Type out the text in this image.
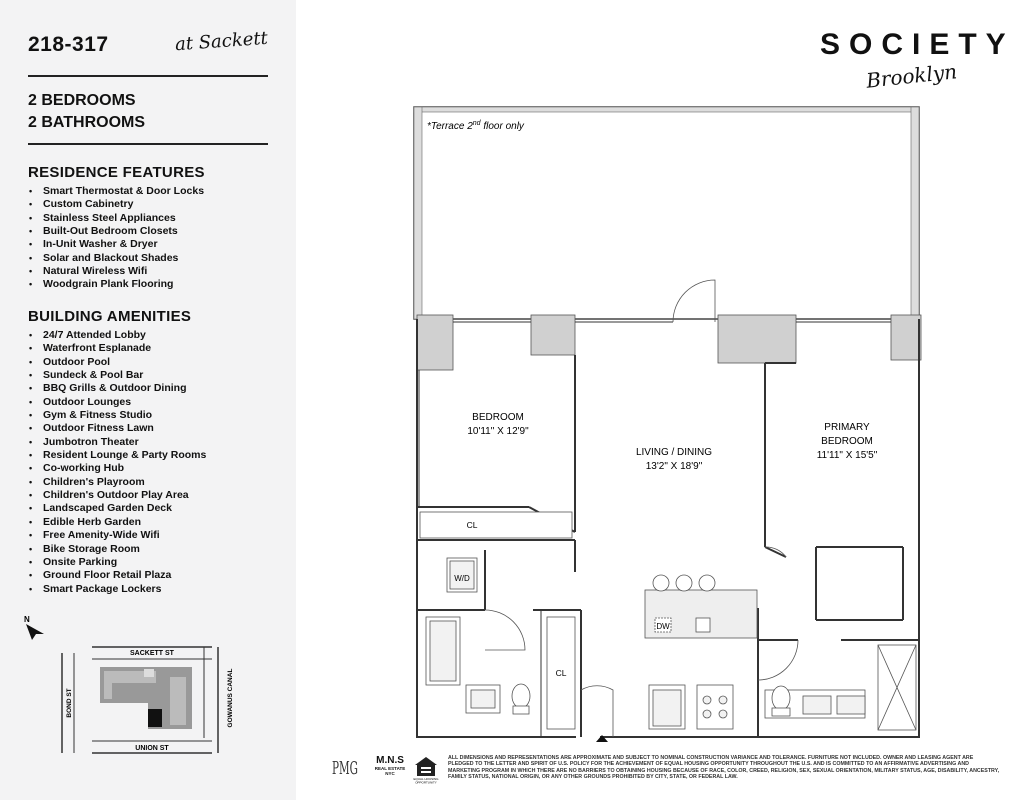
218-317	at Sackett
2 BEDROOMS
2 BATHROOMS
RESIDENCE FEATURES
• Smart Thermostat & Door Locks
• Custom Cabinetry
• Stainless Steel Appliances
• Built-Out Bedroom Closets
• In-Unit Washer & Dryer
• Solar and Blackout Shades
• Natural Wireless Wifi
• Woodgrain Plank Flooring
BUILDING AMENITIES
• 24/7 Attended Lobby
• Waterfront Esplanade
• Outdoor Pool
• Sundeck & Pool Bar
• BBQ Grills & Outdoor Dining
• Outdoor Lounges
• Gym & Fitness Studio
• Outdoor Fitness Lawn
• Jumbotron Theater
• Resident Lounge & Party Rooms
• Co-working Hub
• Children's Playroom
• Children's Outdoor Play Area
• Landscaped Garden Deck
• Edible Herb Garden
• Free Amenity-Wide Wifi
• Bike Storage Room
• Onsite Parking
• Ground Floor Retail Plaza
• Smart Package Lockers
N
SACKETT ST
UNION ST
BOND ST	GOWANUS CANAL
SOCIETY
Brooklyn
*Terrace 2nd floor only
BEDROOM
10'11" X 12'9"
LIVING / DINING
13'2" X 18'9"
PRIMARY
BEDROOM
11'11" X 15'5"
CL
CL
W/D
DW
PMG	M.N.S
REAL ESTATE
NYC
EQUAL HOUSING
OPPORTUNITY
ALL DIMENSIONS AND REPRESENTATIONS ARE APPROXIMATE AND SUBJECT TO NOMINAL CONSTRUCTION VARIANCE AND TOLERANCE. FURNITURE NOT INCLUDED. OWNER AND LEASING AGENT ARE PLEDGED TO THE LETTER AND SPIRIT OF U.S. POLICY FOR THE ACHIEVEMENT OF EQUAL HOUSING OPPORTUNITY THROUGHOUT THE U.S. AND IS COMMITTED TO AN AFFIRMATIVE ADVERTISING AND MARKETING PROGRAM IN WHICH THERE ARE NO BARRIERS TO OBTAINING HOUSING BECAUSE OF RACE, COLOR, CREED, RELIGION, SEX, SEXUAL ORIENTATION, MILITARY STATUS, AGE, DISABILITY, ANCESTRY, FAMILY STATUS, NATIONAL ORIGIN, OR ANY OTHER GROUNDS PROHIBITED BY CITY, STATE, OR FEDERAL LAW.
